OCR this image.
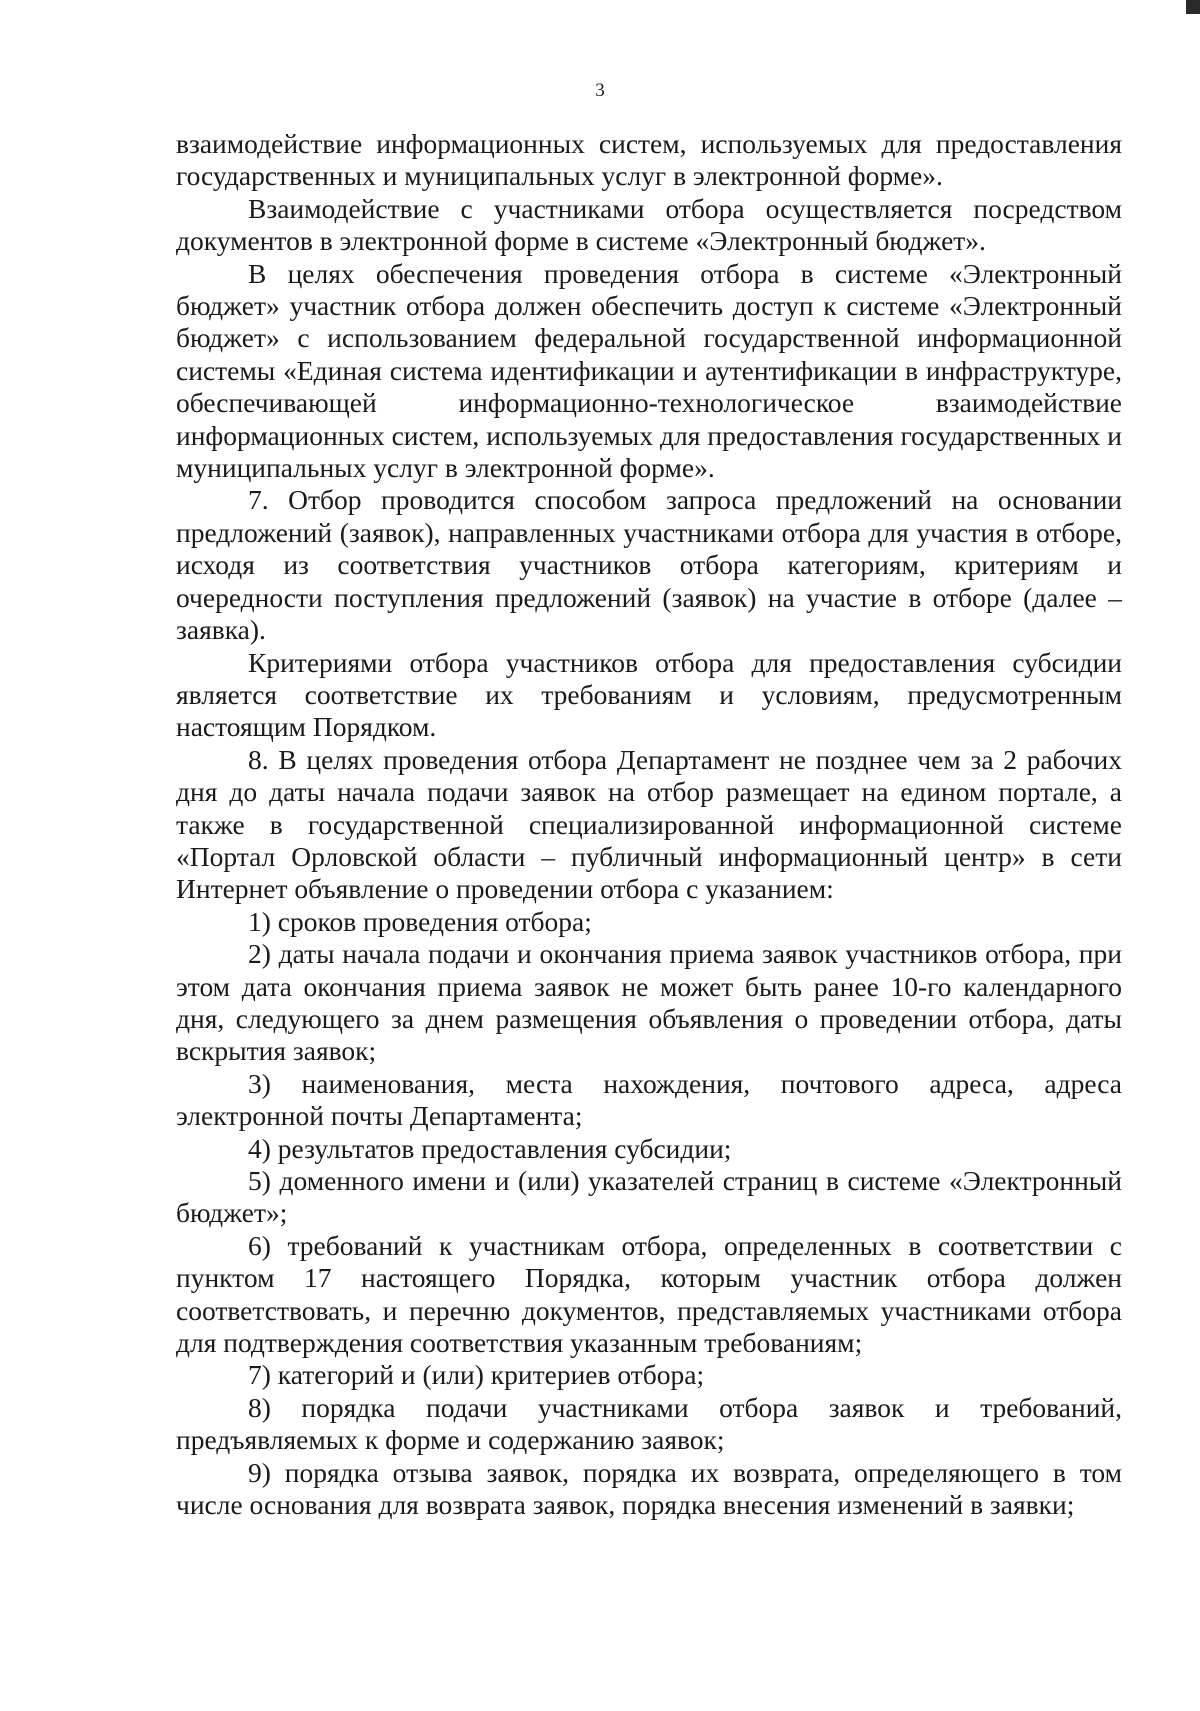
3

взаимодействие информационных систем, используемых для предоставления государственных и муниципальных услуг в электронной форме».

Взаимодействие с участниками отбора осуществляется посредством документов в электронной форме в системе «Электронный бюджет».

В целях обеспечения проведения отбора в системе «Электронный бюджет» участник отбора должен обеспечить доступ к системе «Электронный бюджет» с использованием федеральной государственной информационной системы «Единая система идентификации и аутентификации в инфраструктуре, обеспечивающей информационно-технологическое взаимодействие информационных систем, используемых для предоставления государственных и муниципальных услуг в электронной форме».

7. Отбор проводится способом запроса предложений на основании предложений (заявок), направленных участниками отбора для участия в отборе, исходя из соответствия участников отбора категориям, критериям и очередности поступления предложений (заявок) на участие в отборе (далее – заявка).

Критериями отбора участников отбора для предоставления субсидии является соответствие их требованиям и условиям, предусмотренным настоящим Порядком.

8. В целях проведения отбора Департамент не позднее чем за 2 рабочих дня до даты начала подачи заявок на отбор размещает на едином портале, а также в государственной специализированной информационной системе «Портал Орловской области – публичный информационный центр» в сети Интернет объявление о проведении отбора с указанием:

1) сроков проведения отбора;

2) даты начала подачи и окончания приема заявок участников отбора, при этом дата окончания приема заявок не может быть ранее 10-го календарного дня, следующего за днем размещения объявления о проведении отбора, даты вскрытия заявок;

3) наименования, места нахождения, почтового адреса, адреса электронной почты Департамента;

4) результатов предоставления субсидии;

5) доменного имени и (или) указателей страниц в системе «Электронный бюджет»;

6) требований к участникам отбора, определенных в соответствии с пунктом 17 настоящего Порядка, которым участник отбора должен соответствовать, и перечню документов, представляемых участниками отбора для подтверждения соответствия указанным требованиям;

7) категорий и (или) критериев отбора;

8) порядка подачи участниками отбора заявок и требований, предъявляемых к форме и содержанию заявок;

9) порядка отзыва заявок, порядка их возврата, определяющего в том числе основания для возврата заявок, порядка внесения изменений в заявки;
